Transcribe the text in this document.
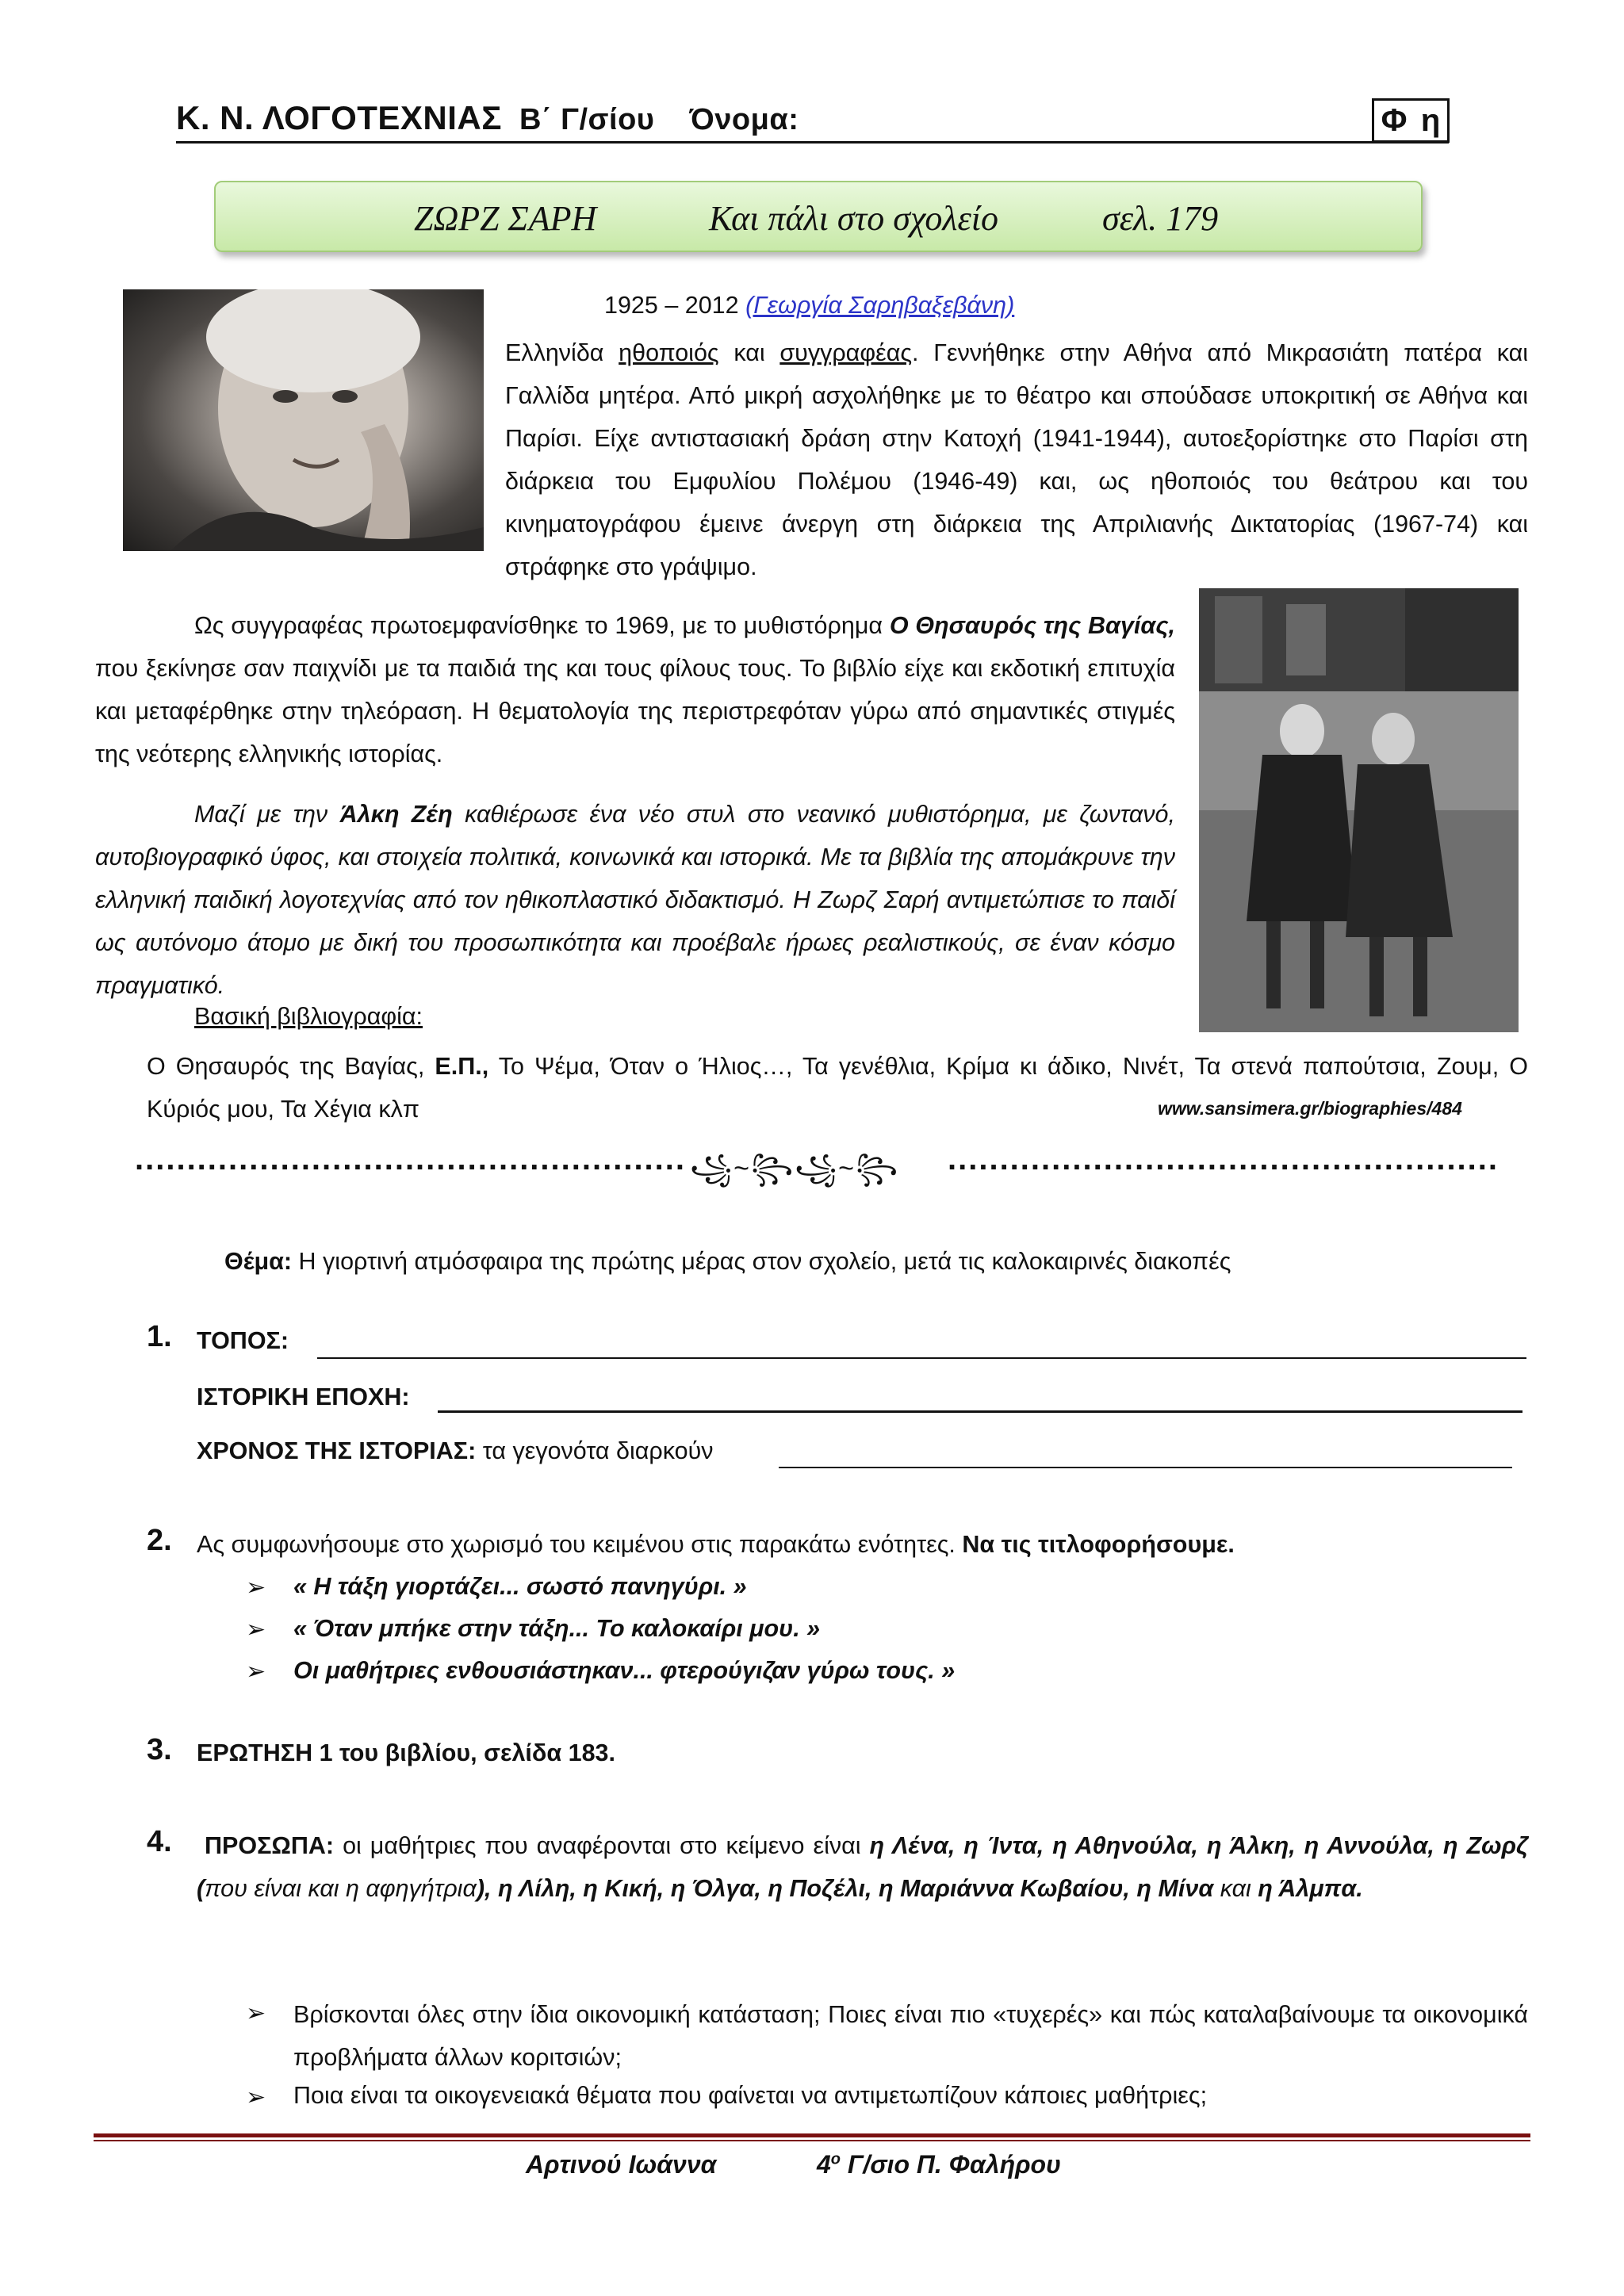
Κ. Ν. ΛΟΓΟΤΕΧΝΙΑΣ Β΄ Γ/σίου Όνομα:	Φ η
ΖΩΡΖ ΣΑΡΗ	Και πάλι στο σχολείο	σελ. 179
1925 – 2012 (Γεωργία Σαρηβαξεβάνη)
Ελληνίδα ηθοποιός και συγγραφέας. Γεννήθηκε στην Αθήνα από Μικρασιάτη πατέρα και Γαλλίδα μητέρα. Από μικρή ασχολήθηκε με το θέατρο και σπούδασε υποκριτική σε Αθήνα και Παρίσι. Είχε αντιστασιακή δράση στην Κατοχή (1941-1944), αυτοεξορίστηκε στο Παρίσι στη διάρκεια του Εμφυλίου Πολέμου (1946-49) και, ως ηθοποιός του θεάτρου και του κινηματογράφου έμεινε άνεργη στη διάρκεια της Απριλιανής Δικτατορίας (1967-74) και στράφηκε στο γράψιμο.
Ως συγγραφέας πρωτοεμφανίσθηκε το 1969, με το μυθιστόρημα Ο Θησαυρός της Βαγίας, που ξεκίνησε σαν παιχνίδι με τα παιδιά της και τους φίλους τους. Το βιβλίο είχε και εκδοτική επιτυχία και μεταφέρθηκε στην τηλεόραση. Η θεματολογία της περιστρεφόταν γύρω από σημαντικές στιγμές της νεότερης ελληνικής ιστορίας.
Μαζί με την Άλκη Ζέη καθιέρωσε ένα νέο στυλ στο νεανικό μυθιστόρημα, με ζωντανό, αυτοβιογραφικό ύφος, και στοιχεία πολιτικά, κοινωνικά και ιστορικά. Με τα βιβλία της απομάκρυνε την ελληνική παιδική λογοτεχνίας από τον ηθικοπλαστικό διδακτισμό. Η Ζωρζ Σαρή αντιμετώπισε το παιδί ως αυτόνομο άτομο με δική του προσωπικότητα και προέβαλε ήρωες ρεαλιστικούς, σε έναν κόσμο πραγματικό.
Βασική βιβλιογραφία:
Ο Θησαυρός της Βαγίας, Ε.Π., Το Ψέμα, Όταν ο Ήλιος…, Τα γενέθλια, Κρίμα κι άδικο, Νινέτ, Τα στενά παπούτσια, Ζουμ, Ο Κύριός μου, Τα Χέγια κλπ	www.sansimera.gr/biographies/484
..................................................... ꧁~꧂꧁~꧂ .....................................................
Θέμα: Η γιορτινή ατμόσφαιρα της πρώτης μέρας στον σχολείο, μετά τις καλοκαιρινές διακοπές
1. ΤΟΠΟΣ:
ΙΣΤΟΡΙΚΗ ΕΠΟΧΗ:
ΧΡΟΝΟΣ ΤΗΣ ΙΣΤΟΡΙΑΣ: τα γεγονότα διαρκούν
2. Ας συμφωνήσουμε στο χωρισμό του κειμένου στις παρακάτω ενότητες. Να τις τιτλοφορήσουμε.
➢ « Η τάξη γιορτάζει... σωστό πανηγύρι. »
➢ « Όταν μπήκε στην τάξη... Το καλοκαίρι μου. »
➢ Οι μαθήτριες ενθουσιάστηκαν... φτερούγιζαν γύρω τους. »
3. ΕΡΩΤΗΣΗ 1 του βιβλίου, σελίδα 183.
4.	ΠΡΟΣΩΠΑ: οι μαθήτριες που αναφέρονται στο κείμενο είναι η Λένα, η Ίντα, η Αθηνούλα, η Άλκη, η Αννούλα, η Ζωρζ (που είναι και η αφηγήτρια), η Λίλη, η Κική, η Όλγα, η Ποζέλι, η Μαριάννα Κωβαίου, η Μίνα και η Άλμπα.
➢ Βρίσκονται όλες στην ίδια οικονομική κατάσταση; Ποιες είναι πιο «τυχερές» και πώς καταλαβαίνουμε τα οικονομικά προβλήματα άλλων κοριτσιών;
➢ Ποια είναι τα οικογενειακά θέματα που φαίνεται να αντιμετωπίζουν κάποιες μαθήτριες;
Αρτινού Ιωάννα	$4^o$ Γ/σιο Π. Φαλήρου
